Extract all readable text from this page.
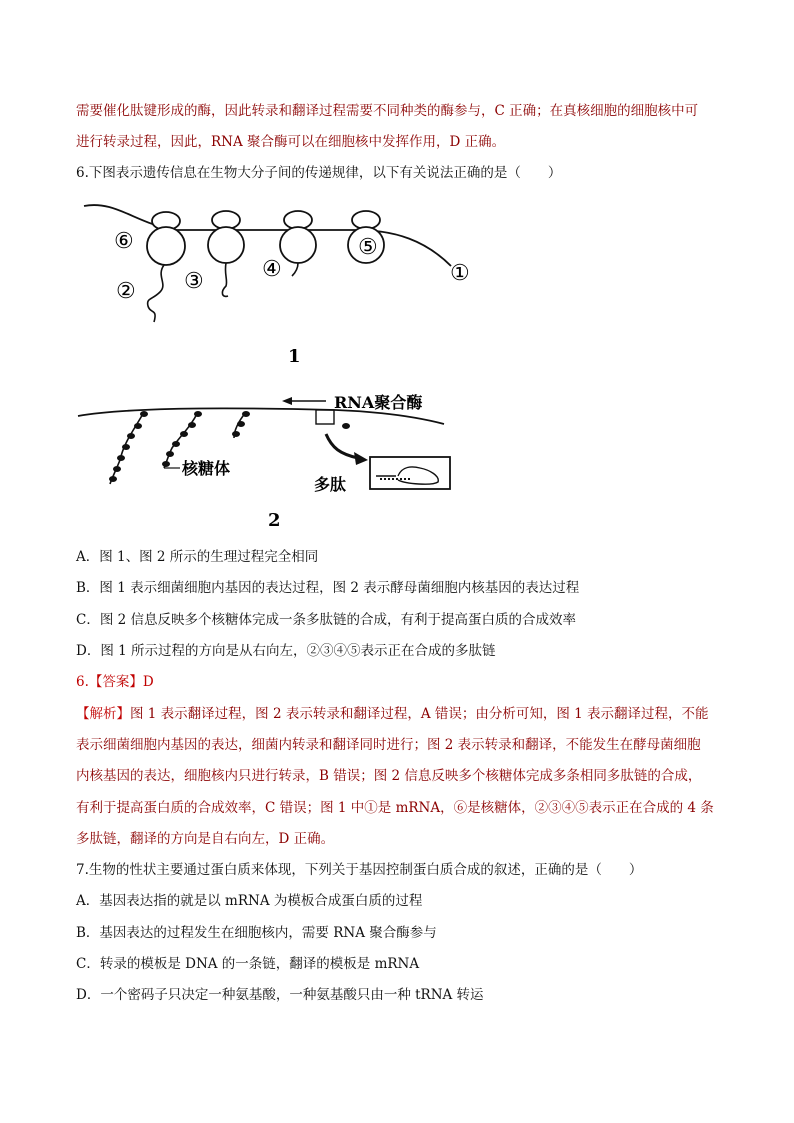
需要催化肽键形成的酶，因此转录和翻译过程需要不同种类的酶参与，C 正确；在真核细胞的细胞核中可
进行转录过程，因此，RNA 聚合酶可以在细胞核中发挥作用，D 正确。
6.下图表示遗传信息在生物大分子间的传递规律，以下有关说法正确的是（　　）
⑥
② ③	④
⑤
①
1
RNA聚合酶
核糖体
多肽
2
A．图 1、图 2 所示的生理过程完全相同
B．图 1 表示细菌细胞内基因的表达过程，图 2 表示酵母菌细胞内核基因的表达过程
C．图 2 信息反映多个核糖体完成一条多肽链的合成，有利于提高蛋白质的合成效率
D．图 1 所示过程的方向是从右向左，②③④⑤表示正在合成的多肽链
6.【答案】D
【解析】图 1 表示翻译过程，图 2 表示转录和翻译过程，A 错误；由分析可知，图 1 表示翻译过程，不能
表示细菌细胞内基因的表达，细菌内转录和翻译同时进行；图 2 表示转录和翻译，不能发生在酵母菌细胞
内核基因的表达，细胞核内只进行转录，B 错误；图 2 信息反映多个核糖体完成多条相同多肽链的合成，
有利于提高蛋白质的合成效率，C 错误；图 1 中①是 mRNA，⑥是核糖体，②③④⑤表示正在合成的 4 条
多肽链，翻译的方向是自右向左，D 正确。
7.生物的性状主要通过蛋白质来体现，下列关于基因控制蛋白质合成的叙述，正确的是（　　）
A．基因表达指的就是以 mRNA 为模板合成蛋白质的过程
B．基因表达的过程发生在细胞核内，需要 RNA 聚合酶参与
C．转录的模板是 DNA 的一条链，翻译的模板是 mRNA
D．一个密码子只决定一种氨基酸，一种氨基酸只由一种 tRNA 转运
